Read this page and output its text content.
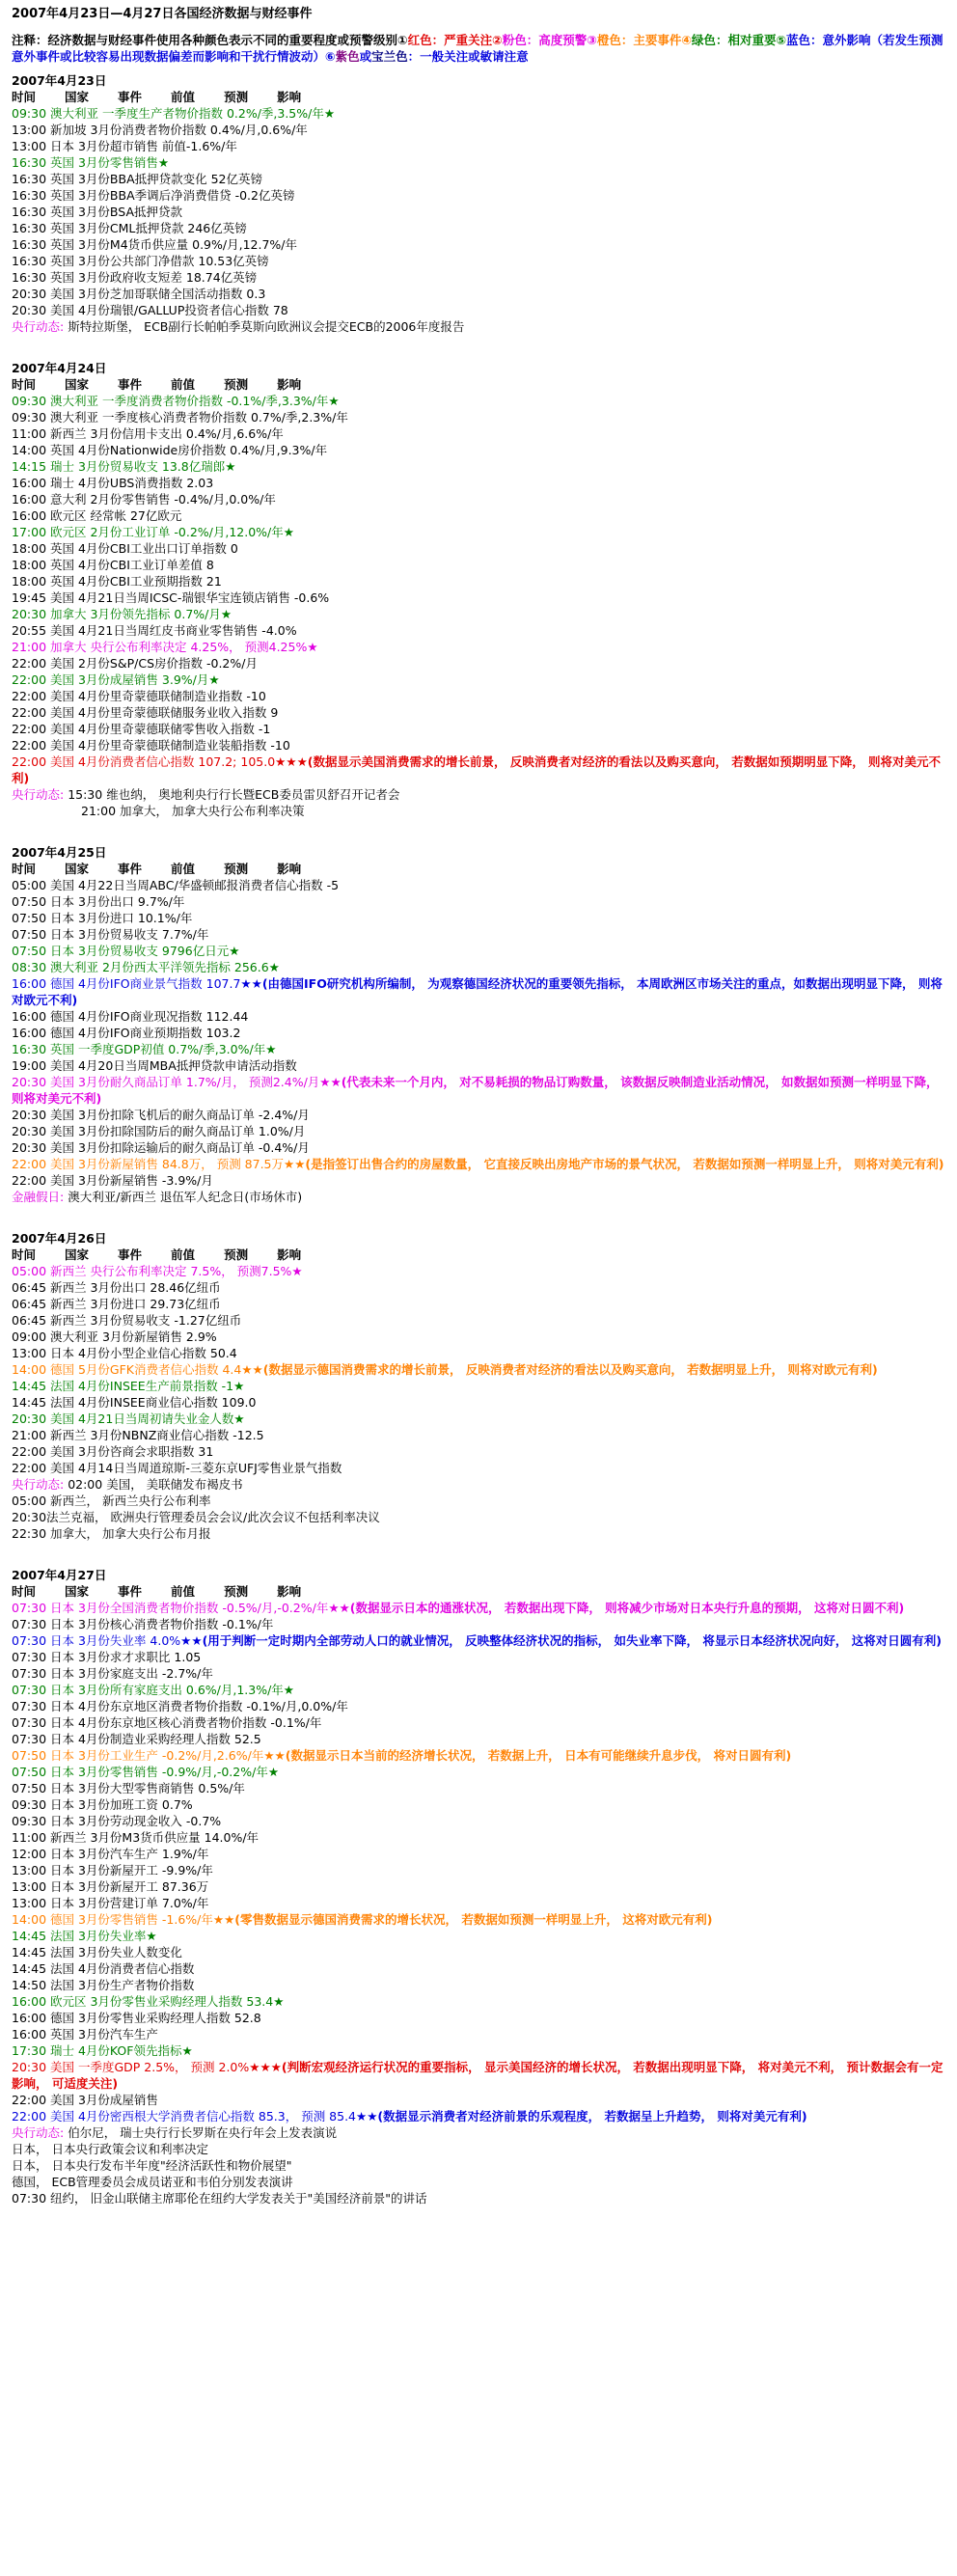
2007年4月23日—4月27日各国经济数据与财经事件
注释：经济数据与财经事件使用各种颜色表示不同的重要程度或预警级别①红色：严重关注②粉色：高度预警③橙色：主要事件④绿色：相对重要⑤蓝色：意外影响（若发生预测意外事件或比较容易出现数据偏差而影响和干扰行情波动）⑥紫色或宝兰色：一般关注或敏请注意
2007年4月23日
时间 国家 事件 前值 预测 影响
09:30 澳大利亚 一季度生产者物价指数 0.2%/季,3.5%/年★
13:00 新加坡 3月份消费者物价指数 0.4%/月,0.6%/年
13:00 日本 3月份超市销售 前值-1.6%/年
16:30 英国 3月份零售销售★
16:30 英国 3月份BBA抵押贷款变化 52亿英镑
16:30 英国 3月份BBA季调后净消费借贷 -0.2亿英镑
16:30 英国 3月份BSA抵押贷款
16:30 英国 3月份CML抵押贷款 246亿英镑
16:30 英国 3月份M4货币供应量 0.9%/月,12.7%/年
16:30 英国 3月份公共部门净借款 10.53亿英镑
16:30 英国 3月份政府收支短差 18.74亿英镑
20:30 美国 3月份芝加哥联储全国活动指数 0.3
20:30 美国 4月份瑞银/GALLUP投资者信心指数 78
央行动态: 斯特拉斯堡， ECB副行长帕帕季莫斯向欧洲议会提交ECB的2006年度报告
2007年4月24日
时间 国家 事件 前值 预测 影响
09:30 澳大利亚 一季度消费者物价指数 -0.1%/季,3.3%/年★
09:30 澳大利亚 一季度核心消费者物价指数 0.7%/季,2.3%/年
11:00 新西兰 3月份信用卡支出 0.4%/月,6.6%/年
14:00 英国 4月份Nationwide房价指数 0.4%/月,9.3%/年
14:15 瑞士 3月份贸易收支 13.8亿瑞郎★
16:00 瑞士 4月份UBS消费指数 2.03
16:00 意大利 2月份零售销售 -0.4%/月,0.0%/年
16:00 欧元区 经常帐 27亿欧元
17:00 欧元区 2月份工业订单 -0.2%/月,12.0%/年★
18:00 英国 4月份CBI工业出口订单指数 0
18:00 英国 4月份CBI工业订单差值 8
18:00 英国 4月份CBI工业预期指数 21
19:45 美国 4月21日当周ICSC-瑞银华宝连锁店销售 -0.6%
20:30 加拿大 3月份领先指标 0.7%/月★
20:55 美国 4月21日当周红皮书商业零售销售 -4.0%
21:00 加拿大 央行公布利率决定 4.25%， 预测4.25%★
22:00 美国 2月份S&P/CS房价指数 -0.2%/月
22:00 美国 3月份成屋销售 3.9%/月★
22:00 美国 4月份里奇蒙德联储制造业指数 -10
22:00 美国 4月份里奇蒙德联储服务业收入指数 9
22:00 美国 4月份里奇蒙德联储零售收入指数 -1
22:00 美国 4月份里奇蒙德联储制造业装船指数 -10
22:00 美国 4月份消费者信心指数 107.2; 105.0★★★(数据显示美国消费需求的增长前景， 反映消费者对经济的看法以及购买意向， 若数据如预期明显下降， 则将对美元不利)
央行动态: 15:30 维也纳， 奥地利央行行长暨ECB委员雷贝舒召开记者会
21:00 加拿大， 加拿大央行公布利率决策
2007年4月25日
时间 国家 事件 前值 预测 影响
05:00 美国 4月22日当周ABC/华盛顿邮报消费者信心指数 -5
07:50 日本 3月份出口 9.7%/年
07:50 日本 3月份进口 10.1%/年
07:50 日本 3月份贸易收支 7.7%/年
07:50 日本 3月份贸易收支 9796亿日元★
08:30 澳大利亚 2月份西太平洋领先指标 256.6★
16:00 德国 4月份IFO商业景气指数 107.7★★(由德国IFO研究机构所编制， 为观察德国经济状况的重要领先指标， 本周欧洲区市场关注的重点，如数据出现明显下降， 则将对欧元不利)
16:00 德国 4月份IFO商业现况指数 112.44
16:00 德国 4月份IFO商业预期指数 103.2
16:30 英国 一季度GDP初值 0.7%/季,3.0%/年★
19:00 美国 4月20日当周MBA抵押贷款申请活动指数
20:30 美国 3月份耐久商品订单 1.7%/月， 预测2.4%/月★★(代表未来一个月内， 对不易耗损的物品订购数量， 该数据反映制造业活动情况， 如数据如预测一样明显下降， 则将对美元不利)
20:30 美国 3月份扣除飞机后的耐久商品订单 -2.4%/月
20:30 美国 3月份扣除国防后的耐久商品订单 1.0%/月
20:30 美国 3月份扣除运输后的耐久商品订单 -0.4%/月
22:00 美国 3月份新屋销售 84.8万， 预测 87.5万★★(是指签订出售合约的房屋数量， 它直接反映出房地产市场的景气状况， 若数据如预测一样明显上升， 则将对美元有利)
22:00 美国 3月份新屋销售 -3.9%/月
金融假日: 澳大利亚/新西兰 退伍军人纪念日(市场休市)
2007年4月26日
时间 国家 事件 前值 预测 影响
05:00 新西兰 央行公布利率决定 7.5%， 预测7.5%★
06:45 新西兰 3月份出口 28.46亿纽币
06:45 新西兰 3月份进口 29.73亿纽币
06:45 新西兰 3月份贸易收支 -1.27亿纽币
09:00 澳大利亚 3月份新屋销售 2.9%
13:00 日本 4月份小型企业信心指数 50.4
14:00 德国 5月份GFK消费者信心指数 4.4★★(数据显示德国消费需求的增长前景， 反映消费者对经济的看法以及购买意向， 若数据明显上升， 则将对欧元有利)
14:45 法国 4月份INSEE生产前景指数 -1★
14:45 法国 4月份INSEE商业信心指数 109.0
20:30 美国 4月21日当周初请失业金人数★
21:00 新西兰 3月份NBNZ商业信心指数 -12.5
22:00 美国 3月份咨商会求职指数 31
22:00 美国 4月14日当周道琼斯-三菱东京UFJ零售业景气指数
央行动态: 02:00 美国， 美联储发布褐皮书
05:00 新西兰， 新西兰央行公布利率
20:30法兰克福， 欧洲央行管理委员会会议/此次会议不包括利率决议
22:30 加拿大， 加拿大央行公布月报
2007年4月27日
时间 国家 事件 前值 预测 影响
07:30 日本 3月份全国消费者物价指数 -0.5%/月,-0.2%/年★★(数据显示日本的通涨状况， 若数据出现下降， 则将减少市场对日本央行升息的预期， 这将对日圆不利)
07:30 日本 3月份核心消费者物价指数 -0.1%/年
07:30 日本 3月份失业率 4.0%★★(用于判断一定时期内全部劳动人口的就业情况， 反映整体经济状况的指标， 如失业率下降， 将显示日本经济状况向好， 这将对日圆有利)
07:30 日本 3月份求才求职比 1.05
07:30 日本 3月份家庭支出 -2.7%/年
07:30 日本 3月份所有家庭支出 0.6%/月,1.3%/年★
07:30 日本 4月份东京地区消费者物价指数 -0.1%/月,0.0%/年
07:30 日本 4月份东京地区核心消费者物价指数 -0.1%/年
07:30 日本 4月份制造业采购经理人指数 52.5
07:50 日本 3月份工业生产 -0.2%/月,2.6%/年★★(数据显示日本当前的经济增长状况， 若数据上升， 日本有可能继续升息步伐， 将对日圆有利)
07:50 日本 3月份零售销售 -0.9%/月,-0.2%/年★
07:50 日本 3月份大型零售商销售 0.5%/年
09:30 日本 3月份加班工资 0.7%
09:30 日本 3月份劳动现金收入 -0.7%
11:00 新西兰 3月份M3货币供应量 14.0%/年
12:00 日本 3月份汽车生产 1.9%/年
13:00 日本 3月份新屋开工 -9.9%/年
13:00 日本 3月份新屋开工 87.36万
13:00 日本 3月份营建订单 7.0%/年
14:00 德国 3月份零售销售 -1.6%/年★★(零售数据显示德国消费需求的增长状况， 若数据如预测一样明显上升， 这将对欧元有利)
14:45 法国 3月份失业率★
14:45 法国 3月份失业人数变化
14:45 法国 4月份消费者信心指数
14:50 法国 3月份生产者物价指数
16:00 欧元区 3月份零售业采购经理人指数 53.4★
16:00 德国 3月份零售业采购经理人指数 52.8
16:00 英国 3月份汽车生产
17:30 瑞士 4月份KOF领先指标★
20:30 美国 一季度GDP 2.5%， 预测 2.0%★★★(判断宏观经济运行状况的重要指标， 显示美国经济的增长状况， 若数据出现明显下降， 将对美元不利， 预计数据会有一定影响， 可适度关注)
22:00 美国 3月份成屋销售
22:00 美国 4月份密西根大学消费者信心指数 85.3， 预测 85.4★★(数据显示消费者对经济前景的乐观程度， 若数据呈上升趋势， 则将对美元有利)
央行动态: 伯尔尼， 瑞士央行行长罗斯在央行年会上发表演说
日本， 日本央行政策会议和利率决定
日本， 日本央行发布半年度"经济活跃性和物价展望"
德国， ECB管理委员会成员诺亚和韦伯分别发表演讲
07:30 纽约， 旧金山联储主席耶伦在纽约大学发表关于"美国经济前景"的讲话
